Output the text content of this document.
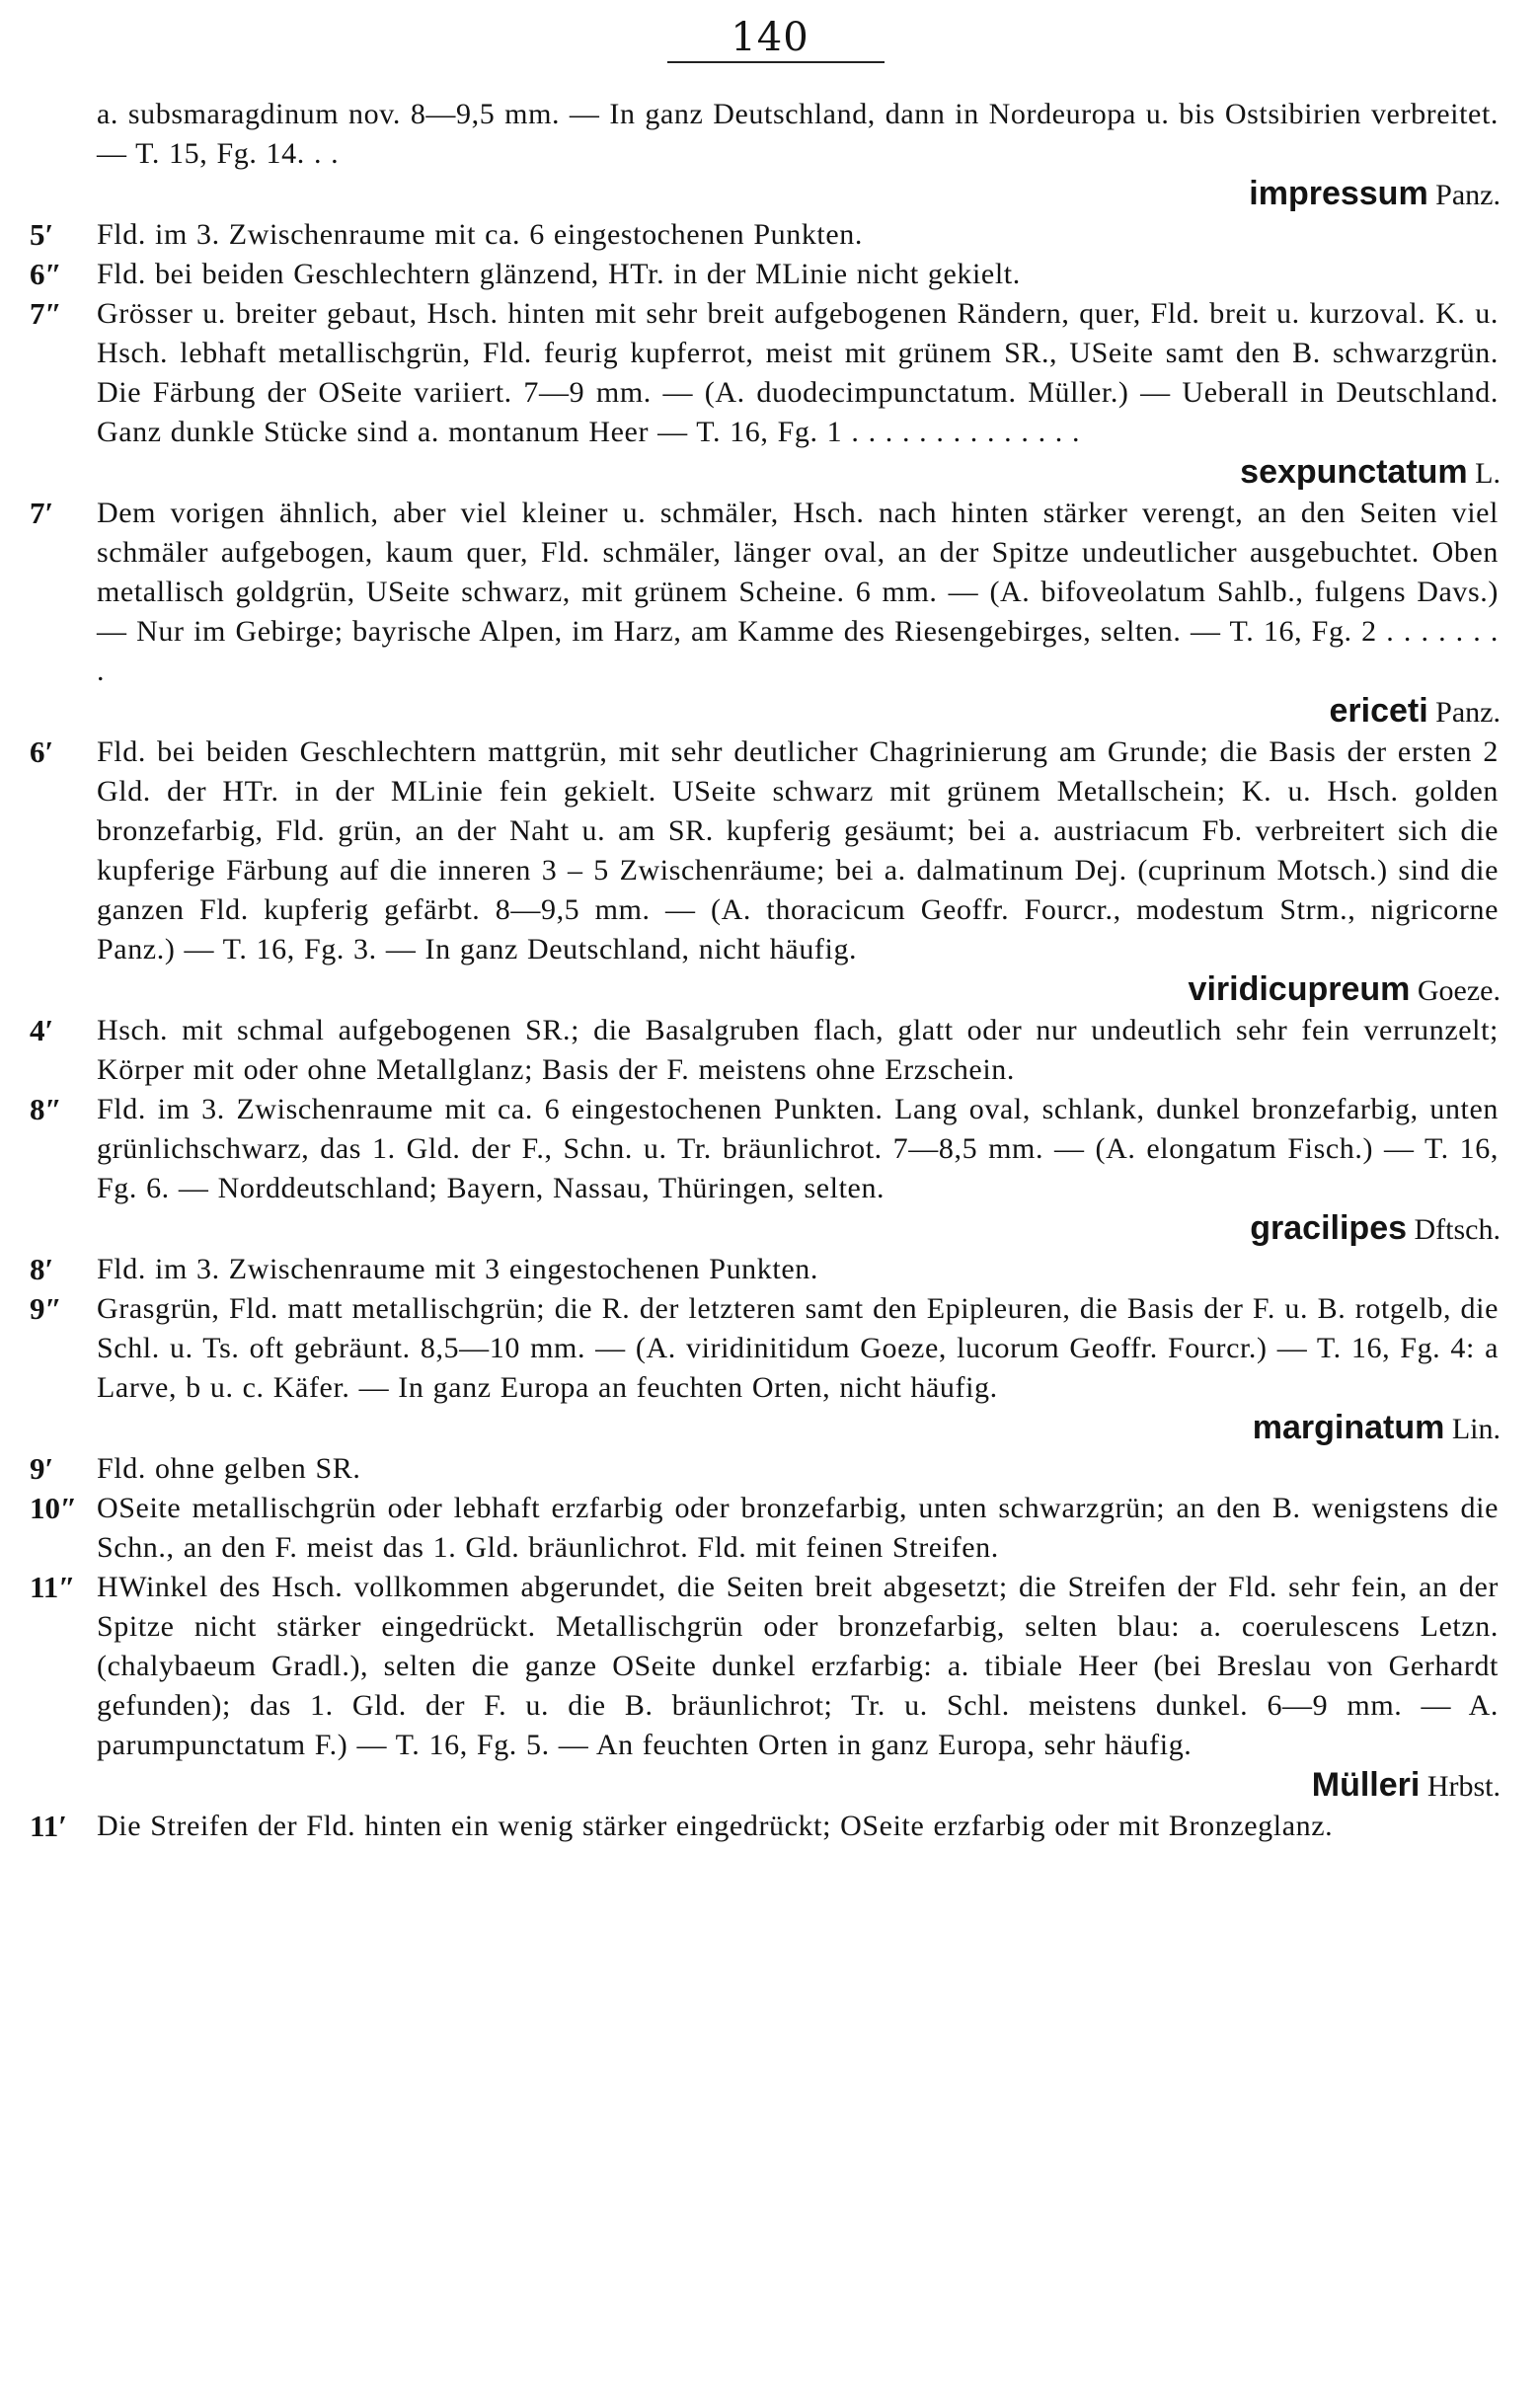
140
a. subsmaragdinum nov. 8—9,5 mm. — In ganz Deutschland, dann in Nordeuropa u. bis Ostsibirien verbreitet. — T. 15, Fg. 14. . .
impressum Panz.
5′	Fld. im 3. Zwischenraume mit ca. 6 eingestochenen Punkten.
6″	Fld. bei beiden Geschlechtern glänzend, HTr. in der MLinie nicht gekielt.
7″	Grösser u. breiter gebaut, Hsch. hinten mit sehr breit aufgebogenen Rändern, quer, Fld. breit u. kurzoval. K. u. Hsch. lebhaft metallischgrün, Fld. feurig kupferrot, meist mit grünem SR., USeite samt den B. schwarzgrün. Die Färbung der OSeite variiert. 7—9 mm. — (A. duodecimpunctatum. Müller.) — Ueberall in Deutschland. Ganz dunkle Stücke sind a. montanum Heer — T. 16, Fg. 1 . . . . . . . . . . . . . .
sexpunctatum L.
7′	Dem vorigen ähnlich, aber viel kleiner u. schmäler, Hsch. nach hinten stärker verengt, an den Seiten viel schmäler aufgebogen, kaum quer, Fld. schmäler, länger oval, an der Spitze undeutlicher ausgebuchtet. Oben metallisch goldgrün, USeite schwarz, mit grünem Scheine. 6 mm. — (A. bifoveolatum Sahlb., fulgens Davs.) — Nur im Gebirge; bayrische Alpen, im Harz, am Kamme des Riesengebirges, selten. — T. 16, Fg. 2 . . . . . . . .
ericeti Panz.
6′	Fld. bei beiden Geschlechtern mattgrün, mit sehr deutlicher Chagrinierung am Grunde; die Basis der ersten 2 Gld. der HTr. in der MLinie fein gekielt. USeite schwarz mit grünem Metallschein; K. u. Hsch. golden bronzefarbig, Fld. grün, an der Naht u. am SR. kupferig gesäumt; bei a. austriacum Fb. verbreitert sich die kupferige Färbung auf die inneren 3 – 5 Zwischenräume; bei a. dalmatinum Dej. (cuprinum Motsch.) sind die ganzen Fld. kupferig gefärbt. 8—9,5 mm. — (A. thoracicum Geoffr. Fourcr., modestum Strm., nigricorne Panz.) — T. 16, Fg. 3. — In ganz Deutschland, nicht häufig.
viridicupreum Goeze.
4′	Hsch. mit schmal aufgebogenen SR.; die Basalgruben flach, glatt oder nur undeutlich sehr fein verrunzelt; Körper mit oder ohne Metallglanz; Basis der F. meistens ohne Erzschein.
8″	Fld. im 3. Zwischenraume mit ca. 6 eingestochenen Punkten. Lang oval, schlank, dunkel bronzefarbig, unten grünlichschwarz, das 1. Gld. der F., Schn. u. Tr. bräunlichrot. 7—8,5 mm. — (A. elongatum Fisch.) — T. 16, Fg. 6. — Norddeutschland; Bayern, Nassau, Thüringen, selten.
gracilipes Dftsch.
8′	Fld. im 3. Zwischenraume mit 3 eingestochenen Punkten.
9″	Grasgrün, Fld. matt metallischgrün; die R. der letzteren samt den Epipleuren, die Basis der F. u. B. rotgelb, die Schl. u. Ts. oft gebräunt. 8,5—10 mm. — (A. viridinitidum Goeze, lucorum Geoffr. Fourcr.) — T. 16, Fg. 4: a Larve, b u. c. Käfer. — In ganz Europa an feuchten Orten, nicht häufig.
marginatum Lin.
9′	Fld. ohne gelben SR.
10″ OSeite metallischgrün oder lebhaft erzfarbig oder bronzefarbig, unten schwarzgrün; an den B. wenigstens die Schn., an den F. meist das 1. Gld. bräunlichrot. Fld. mit feinen Streifen.
11″ HWinkel des Hsch. vollkommen abgerundet, die Seiten breit abgesetzt; die Streifen der Fld. sehr fein, an der Spitze nicht stärker eingedrückt. Metallischgrün oder bronzefarbig, selten blau: a. coerulescens Letzn. (chalybaeum Gradl.), selten die ganze OSeite dunkel erzfarbig: a. tibiale Heer (bei Breslau von Gerhardt gefunden); das 1. Gld. der F. u. die B. bräunlichrot; Tr. u. Schl. meistens dunkel. 6—9 mm. — A. parumpunctatum F.) — T. 16, Fg. 5. — An feuchten Orten in ganz Europa, sehr häufig.
Mülleri Hrbst.
11′ Die Streifen der Fld. hinten ein wenig stärker eingedrückt; OSeite erzfarbig oder mit Bronzeglanz.
